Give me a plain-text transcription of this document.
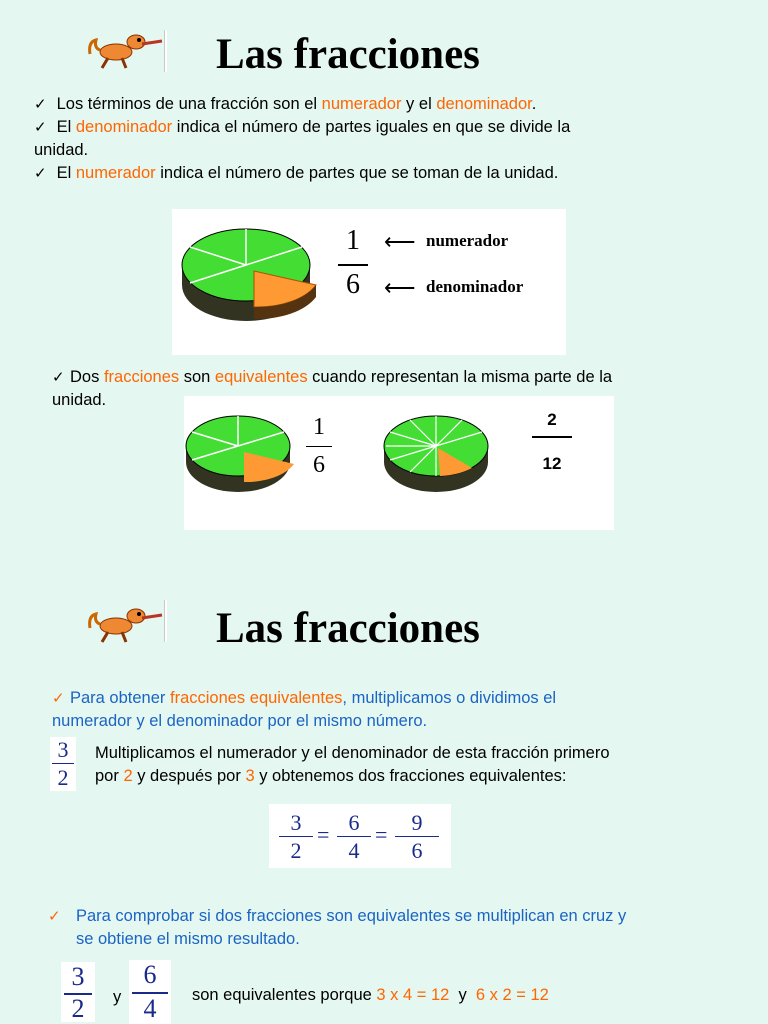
Las fracciones
✓ Los términos de una fracción son el numerador y el denominador.
✓ El denominador indica el número de partes iguales en que se divide la
unidad.
✓ El numerador indica el número de partes que se toman de la unidad.
1
6
⟵ numerador
⟵ denominador
✓ Dos fracciones son equivalentes cuando representan la misma parte de la
unidad.
1
6
2
12
Las fracciones
✓ Para obtener fracciones equivalentes, multiplicamos o dividimos el
numerador y el denominador por el mismo número.
3
2
Multiplicamos el numerador y el denominador de esta fracción primero
por 2 y después por 3 y obtenemos dos fracciones equivalentes:
3
2
= 6
4
=	9
6
✓ Para comprobar si dos fracciones son equivalentes se multiplican en cruz y
se obtiene el mismo resultado.
3
2	y
6
4	son equivalentes porque 3 x 4 = 12 y 6 x 2 = 12
